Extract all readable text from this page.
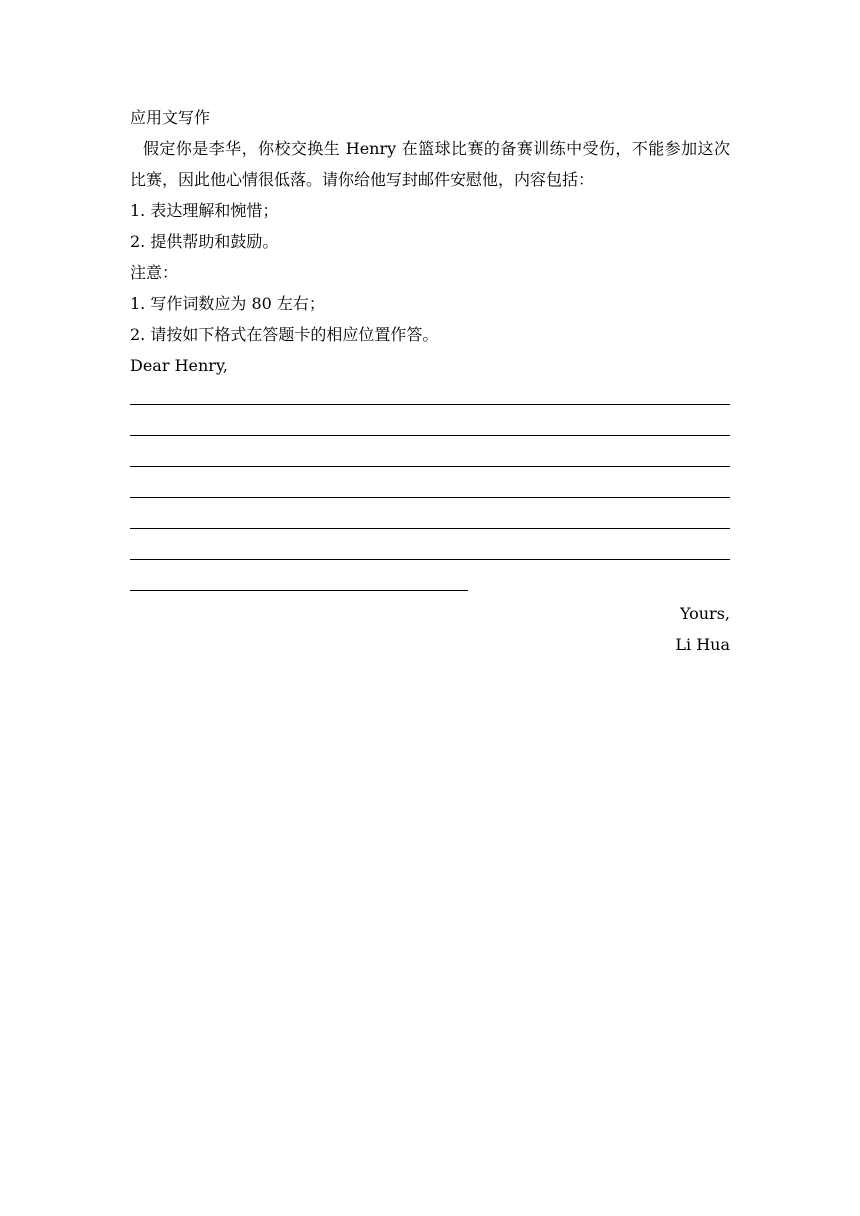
应用文写作
假定你是李华，你校交换生 Henry 在篮球比赛的备赛训练中受伤，不能参加这次比赛，因此他心情很低落。请你给他写封邮件安慰他，内容包括：
1. 表达理解和惋惜；
2. 提供帮助和鼓励。
注意：
1. 写作词数应为 80 左右；
2. 请按如下格式在答题卡的相应位置作答。
Dear Henry,
Yours,
Li Hua
